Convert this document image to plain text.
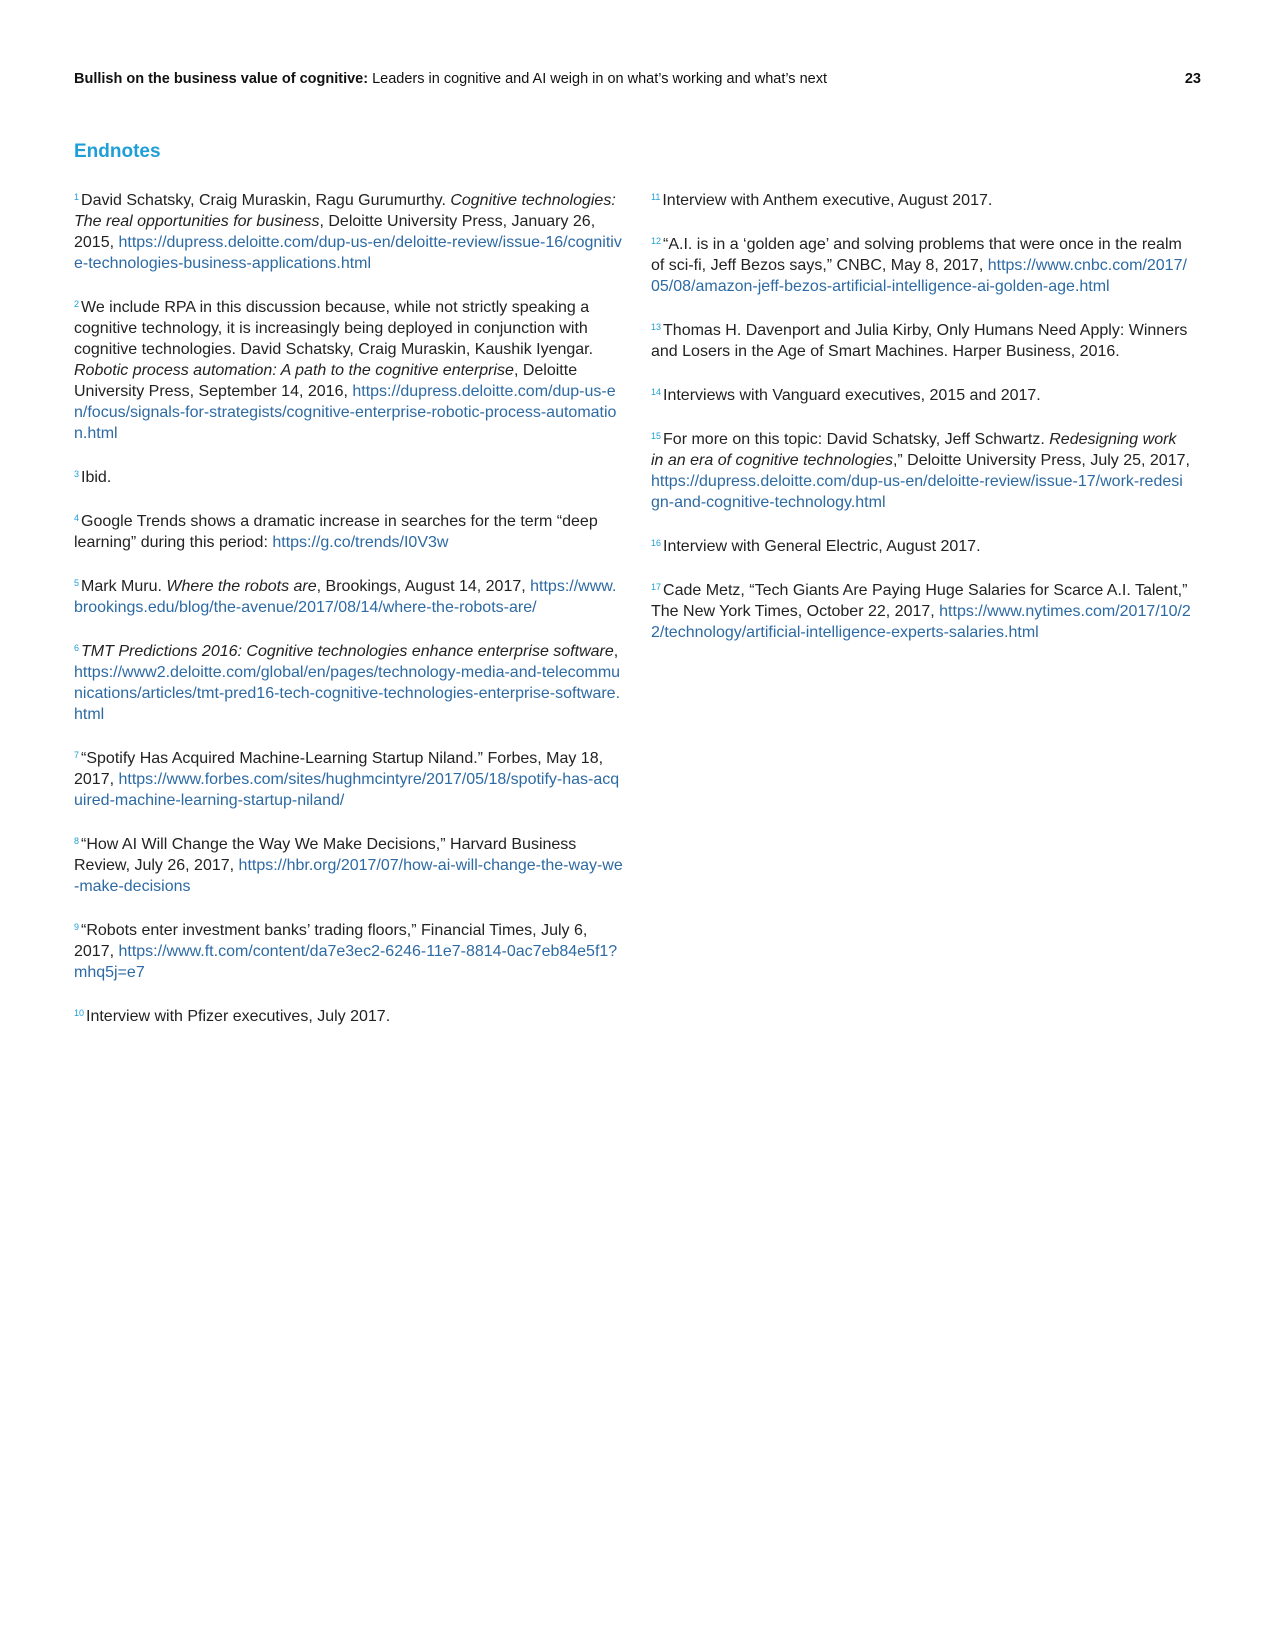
Bullish on the business value of cognitive: Leaders in cognitive and AI weigh in on what’s working and what’s next	23
Endnotes

$^1$ David Schatsky, Craig Muraskin, Ragu Gurumurthy. Cognitive technologies: The real opportunities for business, Deloitte University Press, January 26, 2015, https://dupress.deloitte.com/dup-us-en/deloitte-review/issue-16/cognitive-technologies-business-applications.html

$^2$ We include RPA in this discussion because, while not strictly speaking a cognitive technology, it is increasingly being deployed in conjunction with cognitive technologies. David Schatsky, Craig Muraskin, Kaushik Iyengar. Robotic process automation: A path to the cognitive enterprise, Deloitte University Press, September 14, 2016, https://dupress.deloitte.com/dup-us-en/focus/signals-for-strategists/cognitive-enterprise-robotic-process-automation.html

$^3$ Ibid.

$^4$ Google Trends shows a dramatic increase in searches for the term “deep learning” during this period: https://g.co/trends/I0V3w

$^5$ Mark Muru. Where the robots are, Brookings, August 14, 2017, https://www.brookings.edu/blog/the-avenue/2017/08/14/where-the-robots-are/

$^6$ TMT Predictions 2016: Cognitive technologies enhance enterprise software, https://www2.deloitte.com/global/en/pages/technology-media-and-telecommunications/articles/tmt-pred16-tech-cognitive-technologies-enterprise-software.html

$^7$ “Spotify Has Acquired Machine-Learning Startup Niland.” Forbes, May 18, 2017, https://www.forbes.com/sites/hughmcintyre/2017/05/18/spotify-has-acquired-machine-learning-startup-niland/

$^8$ “How AI Will Change the Way We Make Decisions,” Harvard Business Review, July 26, 2017, https://hbr.org/2017/07/how-ai-will-change-the-way-we-make-decisions

$^9$ “Robots enter investment banks’ trading floors,” Financial Times, July 6, 2017, https://www.ft.com/content/da7e3ec2-6246-11e7-8814-0ac7eb84e5f1?mhq5j=e7

$^{10}$ Interview with Pfizer executives, July 2017.

$^{11}$ Interview with Anthem executive, August 2017.

$^{12}$ “A.I. is in a ‘golden age’ and solving problems that were once in the realm of sci-fi, Jeff Bezos says,” CNBC, May 8, 2017, https://www.cnbc.com/2017/05/08/amazon-jeff-bezos-artificial-intelligence-ai-golden-age.html

$^{13}$ Thomas H. Davenport and Julia Kirby, Only Humans Need Apply: Winners and Losers in the Age of Smart Machines. Harper Business, 2016.

$^{14}$ Interviews with Vanguard executives, 2015 and 2017.

$^{15}$ For more on this topic: David Schatsky, Jeff Schwartz. Redesigning work in an era of cognitive technologies,” Deloitte University Press, July 25, 2017, https://dupress.deloitte.com/dup-us-en/deloitte-review/issue-17/work-redesign-and-cognitive-technology.html

$^{16}$ Interview with General Electric, August 2017.

$^{17}$ Cade Metz, “Tech Giants Are Paying Huge Salaries for Scarce A.I. Talent,” The New York Times, October 22, 2017, https://www.nytimes.com/2017/10/22/technology/artificial-intelligence-experts-salaries.html
